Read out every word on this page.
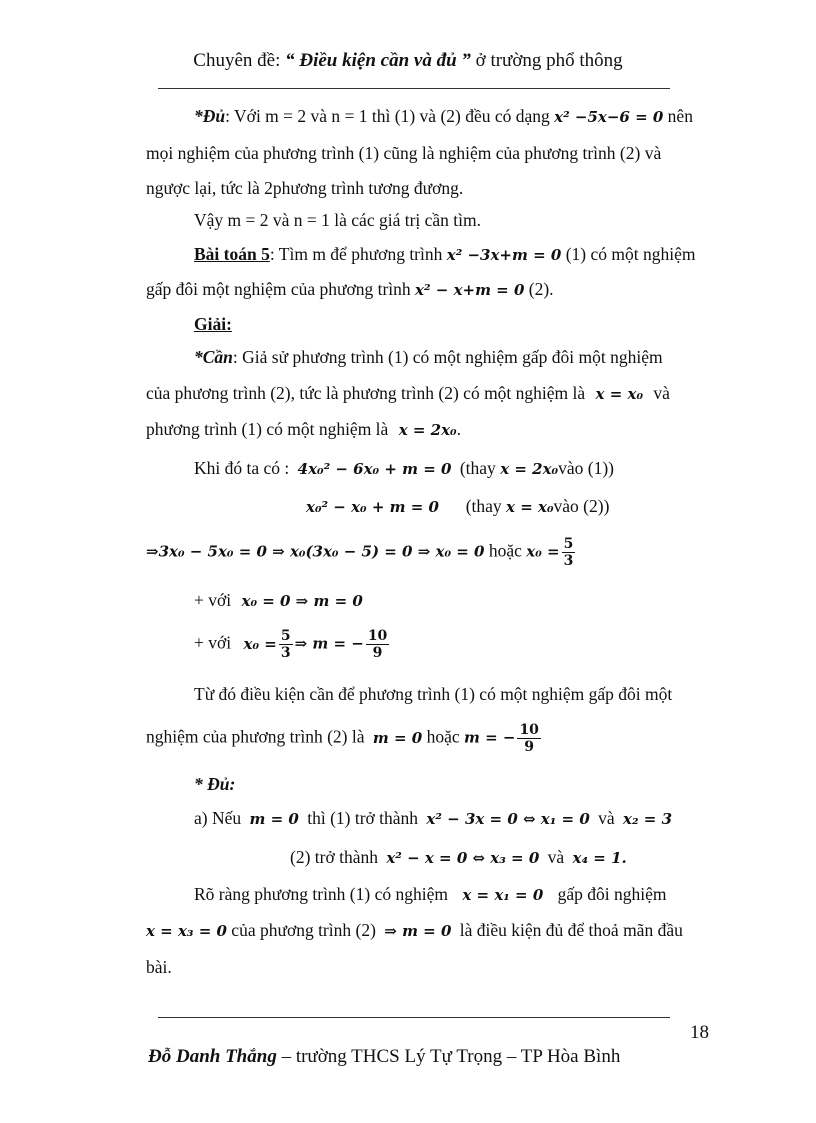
Chuyên đề: “ Điều kiện cần và đủ ” ở trường phổ thông
*Đủ: Với m = 2 và n = 1 thì (1) và (2) đều có dạng x² −5x−6 = 0 nên
mọi nghiệm của phương trình (1) cũng là nghiệm của phương trình (2) và
ngược lại, tức là 2phương trình tương đương.
Vậy m = 2 và n = 1 là các giá trị cần tìm.
Bài toán 5: Tìm m để phương trình x² −3x+m = 0 (1) có một nghiệm
gấp đôi một nghiệm của phương trình x² − x+m = 0 (2).
Giải:
*Cần: Giả sử phương trình (1) có một nghiệm gấp đôi một nghiệm
của phương trình (2), tức là phương trình (2) có một nghiệm là x = x₀ và
phương trình (1) có một nghiệm là x = 2x₀.
Khi đó ta có : 4x₀² − 6x₀ + m = 0 (thay x = 2x₀vào (1))
x₀² − x₀ + m = 0 (thay x = x₀vào (2))
⇒3x₀ − 5x₀ = 0 ⇒ x₀(3x₀ − 5) = 0 ⇒ x₀ = 0 hoặc $x_0 = \frac{5}{3}$
+ với x₀ = 0 ⇒ m = 0
+ với $x_0 = \frac{5}{3}$ ⇒ m = − $\frac{10}{9}$
Từ đó điều kiện cần để phương trình (1) có một nghiệm gấp đôi một
nghiệm của phương trình (2) là m = 0 hoặc m = − $\frac{10}{9}$
* Đủ:
a) Nếu m = 0 thì (1) trở thành x² − 3x = 0 ⇔ x₁ = 0 và x₂ = 3
(2) trở thành x² − x = 0 ⇔ x₃ = 0 và x₄ = 1.
Rõ ràng phương trình (1) có nghiệm x = x₁ = 0 gấp đôi nghiệm
x = x₃ = 0 của phương trình (2) ⇒ m = 0 là điều kiện đủ để thoả mãn đầu
bài.
18
Đỗ Danh Thắng – trường THCS Lý Tự Trọng – TP Hòa Bình
